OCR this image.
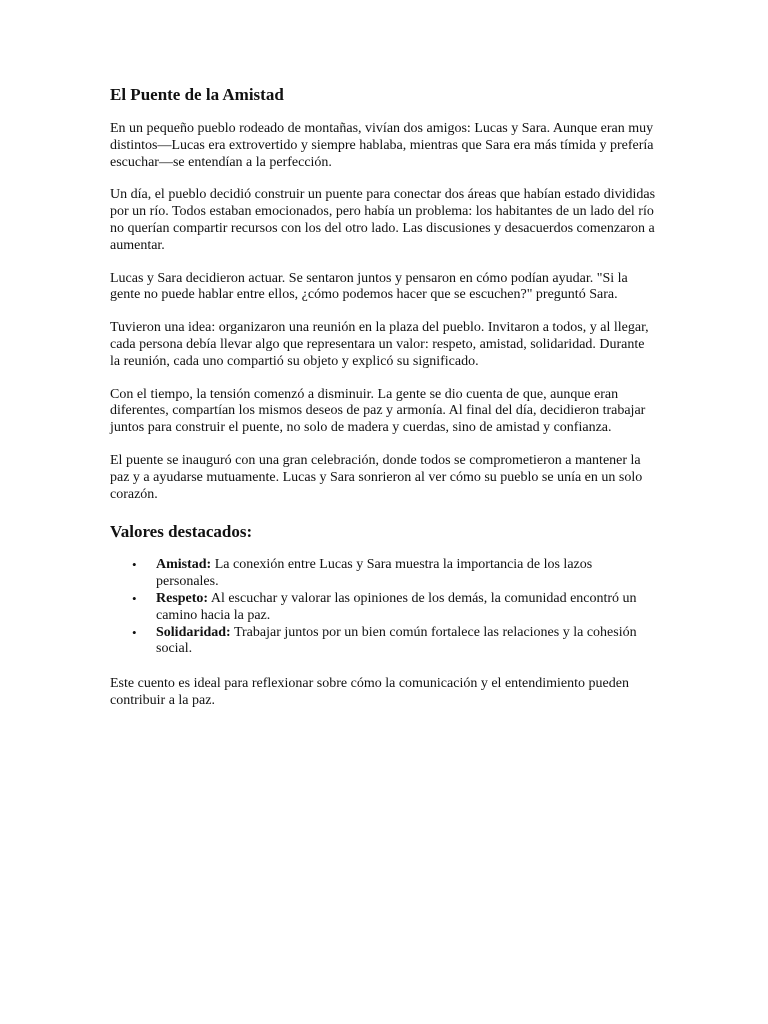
El Puente de la Amistad

En un pequeño pueblo rodeado de montañas, vivían dos amigos: Lucas y Sara. Aunque eran muy distintos—Lucas era extrovertido y siempre hablaba, mientras que Sara era más tímida y prefería escuchar—se entendían a la perfección.

Un día, el pueblo decidió construir un puente para conectar dos áreas que habían estado divididas por un río. Todos estaban emocionados, pero había un problema: los habitantes de un lado del río no querían compartir recursos con los del otro lado. Las discusiones y desacuerdos comenzaron a aumentar.

Lucas y Sara decidieron actuar. Se sentaron juntos y pensaron en cómo podían ayudar. "Si la gente no puede hablar entre ellos, ¿cómo podemos hacer que se escuchen?" preguntó Sara.

Tuvieron una idea: organizaron una reunión en la plaza del pueblo. Invitaron a todos, y al llegar, cada persona debía llevar algo que representara un valor: respeto, amistad, solidaridad. Durante la reunión, cada uno compartió su objeto y explicó su significado.

Con el tiempo, la tensión comenzó a disminuir. La gente se dio cuenta de que, aunque eran diferentes, compartían los mismos deseos de paz y armonía. Al final del día, decidieron trabajar juntos para construir el puente, no solo de madera y cuerdas, sino de amistad y confianza.

El puente se inauguró con una gran celebración, donde todos se comprometieron a mantener la paz y a ayudarse mutuamente. Lucas y Sara sonrieron al ver cómo su pueblo se unía en un solo corazón.

Valores destacados:
• Amistad: La conexión entre Lucas y Sara muestra la importancia de los lazos personales.
• Respeto: Al escuchar y valorar las opiniones de los demás, la comunidad encontró un camino hacia la paz.
• Solidaridad: Trabajar juntos por un bien común fortalece las relaciones y la cohesión social.

Este cuento es ideal para reflexionar sobre cómo la comunicación y el entendimiento pueden contribuir a la paz.
